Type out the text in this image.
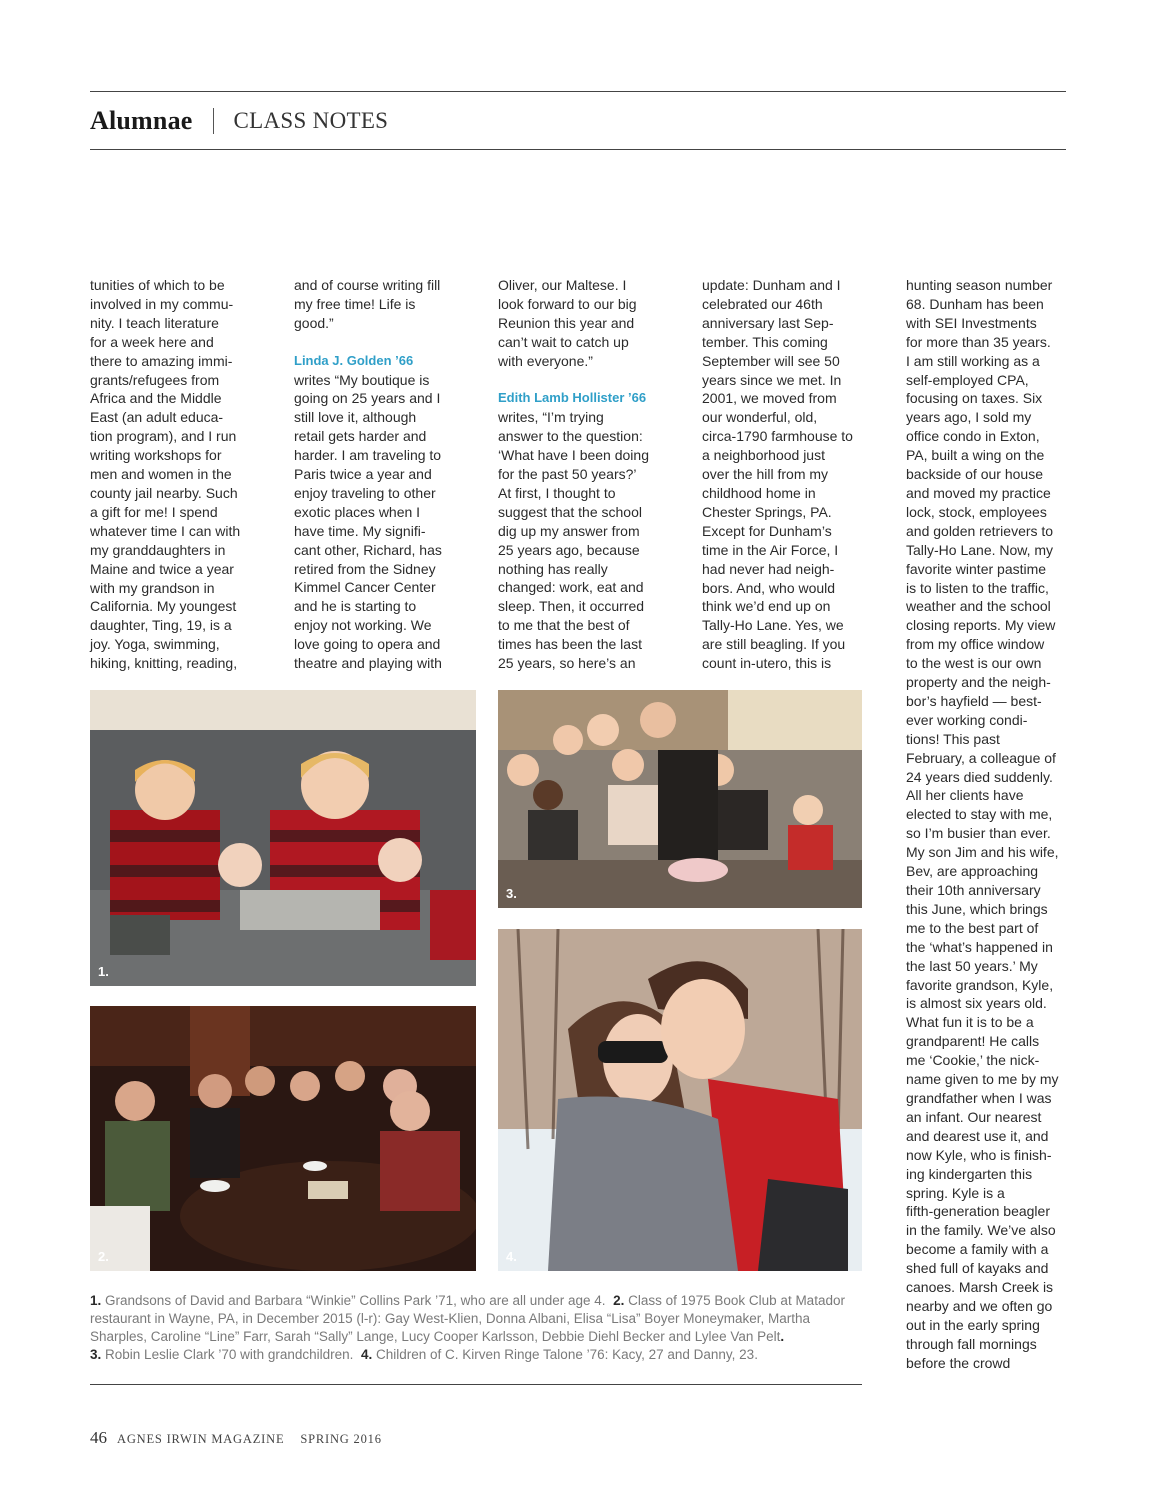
Alumnae CLASS NOTES

tunities of which to be

involved in my commu-

nity. I teach literature

for a week here and

there to amazing immi-

grants/refugees from

Africa and the Middle

East (an adult educa-

tion program), and I run

writing workshops for

men and women in the

county jail nearby. Such

a gift for me! I spend

whatever time I can with

my granddaughters in

Maine and twice a year

with my grandson in

California. My youngest

daughter, Ting, 19, is a

joy. Yoga, swimming,

hiking, knitting, reading,

and of course writing fill

my free time! Life is

good.”

Linda J. Golden ’66

writes “My boutique is

going on 25 years and I

still love it, although

retail gets harder and

harder. I am traveling to

Paris twice a year and

enjoy traveling to other

exotic places when I

have time. My signifi-

cant other, Richard, has

retired from the Sidney

Kimmel Cancer Center

and he is starting to

enjoy not working. We

love going to opera and

theatre and playing with

Oliver, our Maltese. I

look forward to our big

Reunion this year and

can’t wait to catch up

with everyone.”

Edith Lamb Hollister ’66

writes, “I’m trying

answer to the question:

‘What have I been doing

for the past 50 years?’

At first, I thought to

suggest that the school

dig up my answer from

25 years ago, because

nothing has really

changed: work, eat and

sleep. Then, it occurred

to me that the best of

times has been the last

25 years, so here’s an

update: Dunham and I

celebrated our 46th

anniversary last Sep-

tember. This coming

September will see 50

years since we met. In

2001, we moved from

our wonderful, old,

circa-1790 farmhouse to

a neighborhood just

over the hill from my

childhood home in

Chester Springs, PA.

Except for Dunham’s

time in the Air Force, I

had never had neigh-

bors. And, who would

think we’d end up on

Tally-Ho Lane. Yes, we

are still beagling. If you

count in-utero, this is

hunting season number

68. Dunham has been

with SEI Investments

for more than 35 years.

I am still working as a

self-employed CPA,

focusing on taxes. Six

years ago, I sold my

office condo in Exton,

PA, built a wing on the

backside of our house

and moved my practice

lock, stock, employees

and golden retrievers to

Tally-Ho Lane. Now, my

favorite winter pastime

is to listen to the traffic,

weather and the school

closing reports. My view

from my office window

to the west is our own

property and the neigh-

bor’s hayfield — best-

ever working condi-

tions! This past

February, a colleague of

24 years died suddenly.

All her clients have

elected to stay with me,

so I’m busier than ever.

My son Jim and his wife,

Bev, are approaching

their 10th anniversary

this June, which brings

me to the best part of

the ‘what’s happened in

the last 50 years.’ My

favorite grandson, Kyle,

is almost six years old.

What fun it is to be a

grandparent! He calls

me ‘Cookie,’ the nick-

name given to me by my

grandfather when I was

an infant. Our nearest

and dearest use it, and

now Kyle, who is finish-

ing kindergarten this

spring. Kyle is a

fifth-generation beagler

in the family. We’ve also

become a family with a

shed full of kayaks and

canoes. Marsh Creek is

nearby and we often go

out in the early spring

through fall mornings

before the crowd

1.
2.
3.
4.

1. Grandsons of David and Barbara “Winkie” Collins Park ’71, who are all under age 4. 2. Class of 1975 Book Club at Matador

restaurant in Wayne, PA, in December 2015 (l-r): Gay West-Klien, Donna Albani, Elisa “Lisa” Boyer Moneymaker, Martha

Sharples, Caroline “Line” Farr, Sarah “Sally” Lange, Lucy Cooper Karlsson, Debbie Diehl Becker and Lylee Van Pelt.

3. Robin Leslie Clark ’70 with grandchildren. 4. Children of C. Kirven Ringe Talone ’76: Kacy, 27 and Danny, 23.

46 AGNES IRWIN MAGAZINE SPRING 2016
